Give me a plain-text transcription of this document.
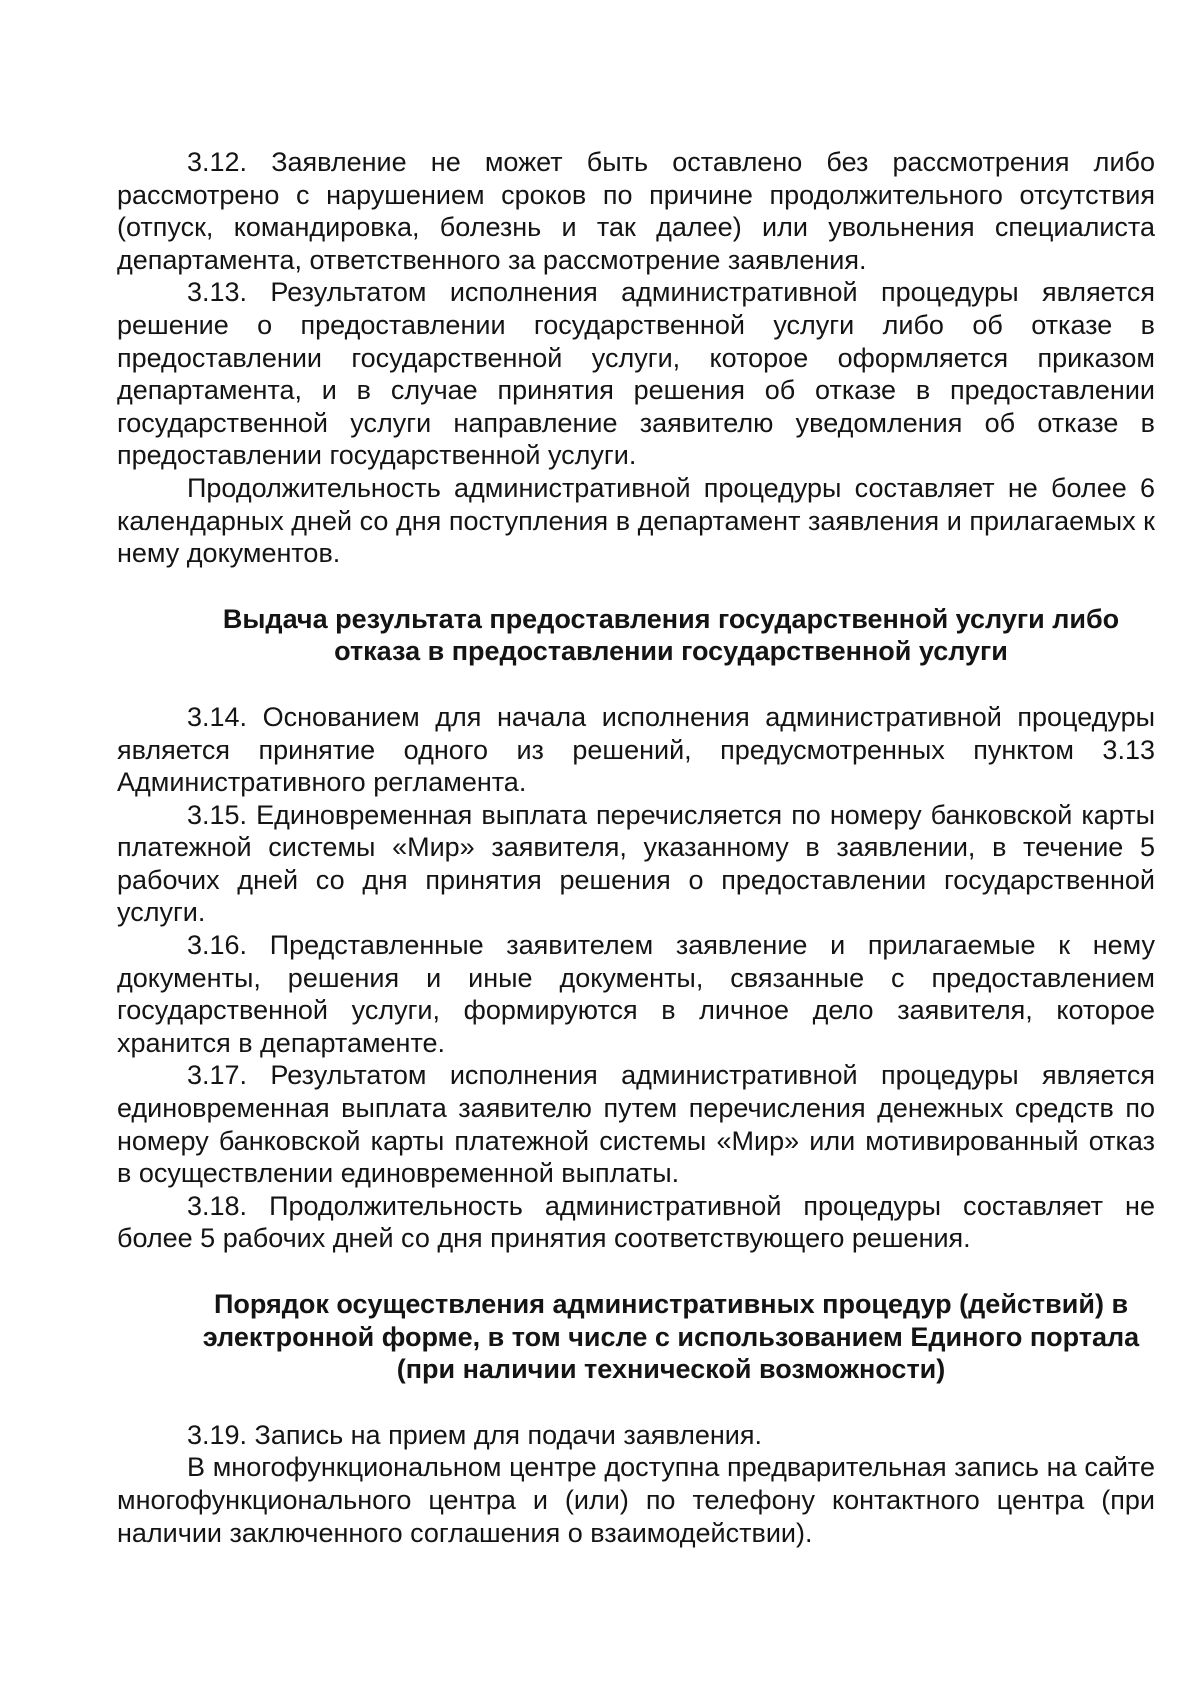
3.12. Заявление не может быть оставлено без рассмотрения либо рассмотрено с нарушением сроков по причине продолжительного отсутствия (отпуск, командировка, болезнь и так далее) или увольнения специалиста департамента, ответственного за рассмотрение заявления.

3.13. Результатом исполнения административной процедуры является решение о предоставлении государственной услуги либо об отказе в предоставлении государственной услуги, которое оформляется приказом департамента, и в случае принятия решения об отказе в предоставлении государственной услуги направление заявителю уведомления об отказе в предоставлении государственной услуги.

Продолжительность административной процедуры составляет не более 6 календарных дней со дня поступления в департамент заявления и прилагаемых к нему документов.

Выдача результата предоставления государственной услуги либо отказа в предоставлении государственной услуги

3.14. Основанием для начала исполнения административной процедуры является принятие одного из решений, предусмотренных пунктом 3.13 Административного регламента.

3.15. Единовременная выплата перечисляется по номеру банковской карты платежной системы «Мир» заявителя, указанному в заявлении, в течение 5 рабочих дней со дня принятия решения о предоставлении государственной услуги.

3.16. Представленные заявителем заявление и прилагаемые к нему документы, решения и иные документы, связанные с предоставлением государственной услуги, формируются в личное дело заявителя, которое хранится в департаменте.

3.17. Результатом исполнения административной процедуры является единовременная выплата заявителю путем перечисления денежных средств по номеру банковской карты платежной системы «Мир» или мотивированный отказ в осуществлении единовременной выплаты.

3.18. Продолжительность административной процедуры составляет не более 5 рабочих дней со дня принятия соответствующего решения.

Порядок осуществления административных процедур (действий) в электронной форме, в том числе с использованием Единого портала (при наличии технической возможности)

3.19. Запись на прием для подачи заявления.

В многофункциональном центре доступна предварительная запись на сайте многофункционального центра и (или) по телефону контактного центра (при наличии заключенного соглашения о взаимодействии).
